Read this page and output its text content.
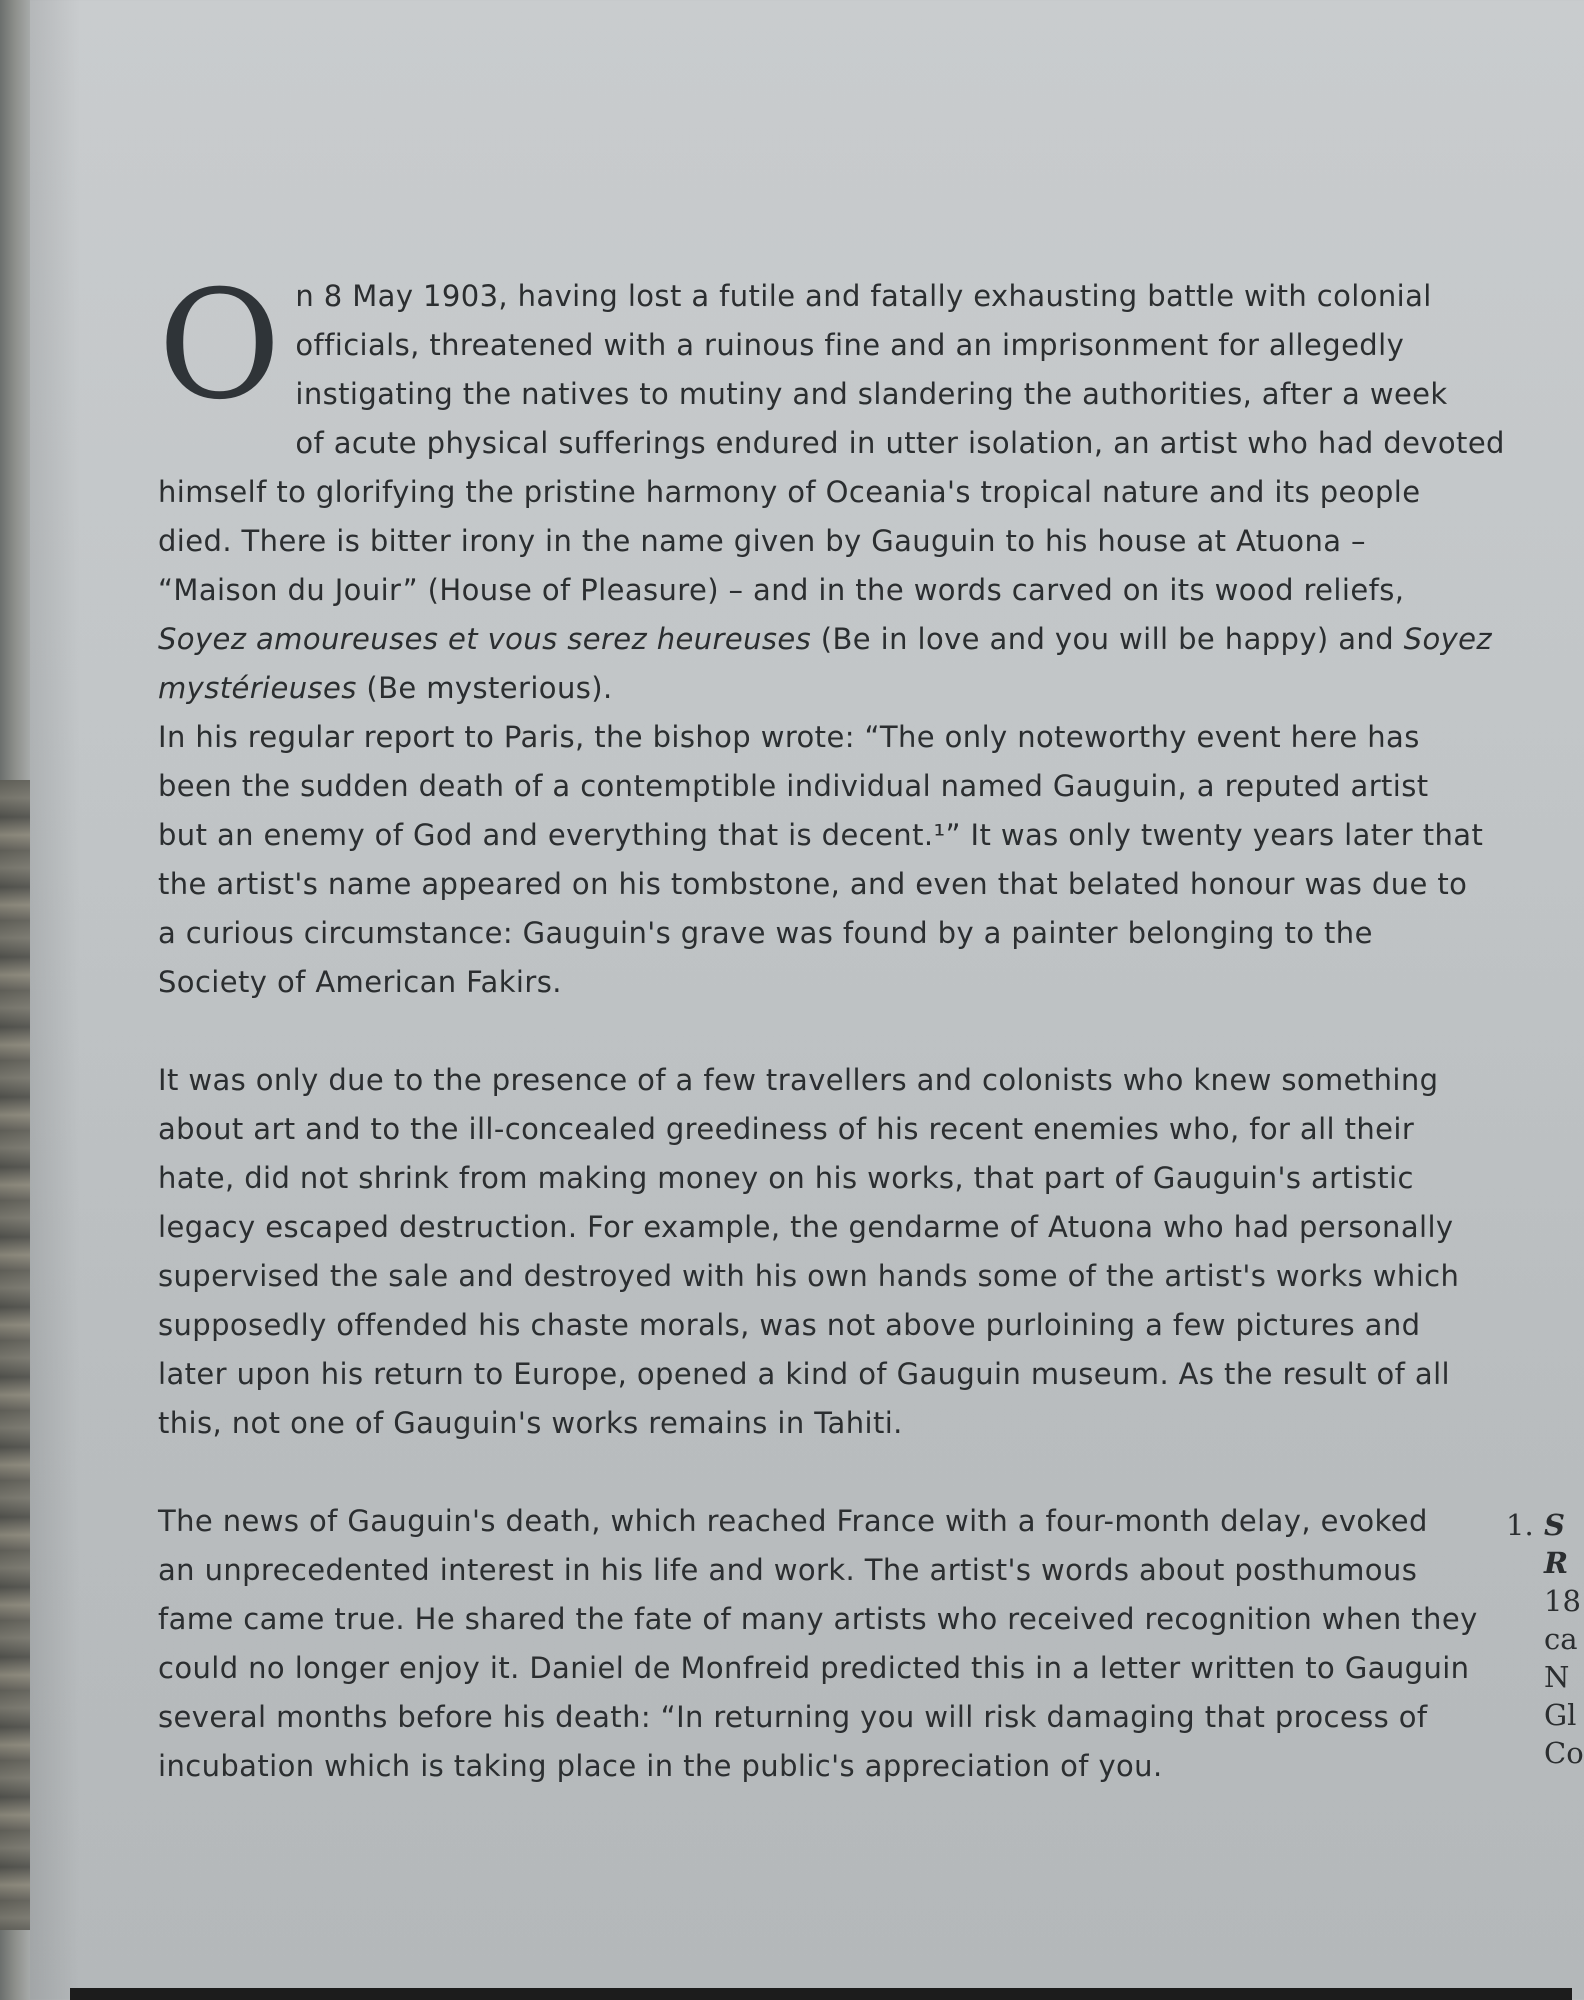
O n 8 May 1903, having lost a futile and fatally exhausting battle with colonial
officials, threatened with a ruinous fine and an imprisonment for allegedly
instigating the natives to mutiny and slandering the authorities, after a week
of acute physical sufferings endured in utter isolation, an artist who had devoted
himself to glorifying the pristine harmony of Oceania's tropical nature and its people
died. There is bitter irony in the name given by Gauguin to his house at Atuona –
“Maison du Jouir” (House of Pleasure) – and in the words carved on its wood reliefs,
Soyez amoureuses et vous serez heureuses (Be in love and you will be happy) and Soyez
mystérieuses (Be mysterious).

In his regular report to Paris, the bishop wrote: “The only noteworthy event here has
been the sudden death of a contemptible individual named Gauguin, a reputed artist
but an enemy of God and everything that is decent.¹” It was only twenty years later that
the artist's name appeared on his tombstone, and even that belated honour was due to
a curious circumstance: Gauguin's grave was found by a painter belonging to the
Society of American Fakirs.

It was only due to the presence of a few travellers and colonists who knew something
about art and to the ill-concealed greediness of his recent enemies who, for all their
hate, did not shrink from making money on his works, that part of Gauguin's artistic
legacy escaped destruction. For example, the gendarme of Atuona who had personally
supervised the sale and destroyed with his own hands some of the artist's works which
supposedly offended his chaste morals, was not above purloining a few pictures and
later upon his return to Europe, opened a kind of Gauguin museum. As the result of all
this, not one of Gauguin's works remains in Tahiti.

The news of Gauguin's death, which reached France with a four-month delay, evoked
an unprecedented interest in his life and work. The artist's words about posthumous
fame came true. He shared the fate of many artists who received recognition when they
could no longer enjoy it. Daniel de Monfreid predicted this in a letter written to Gauguin
several months before his death: “In returning you will risk damaging that process of
incubation which is taking place in the public's appreciation of you.

1. S
R
18
ca
N
Gl
Co
